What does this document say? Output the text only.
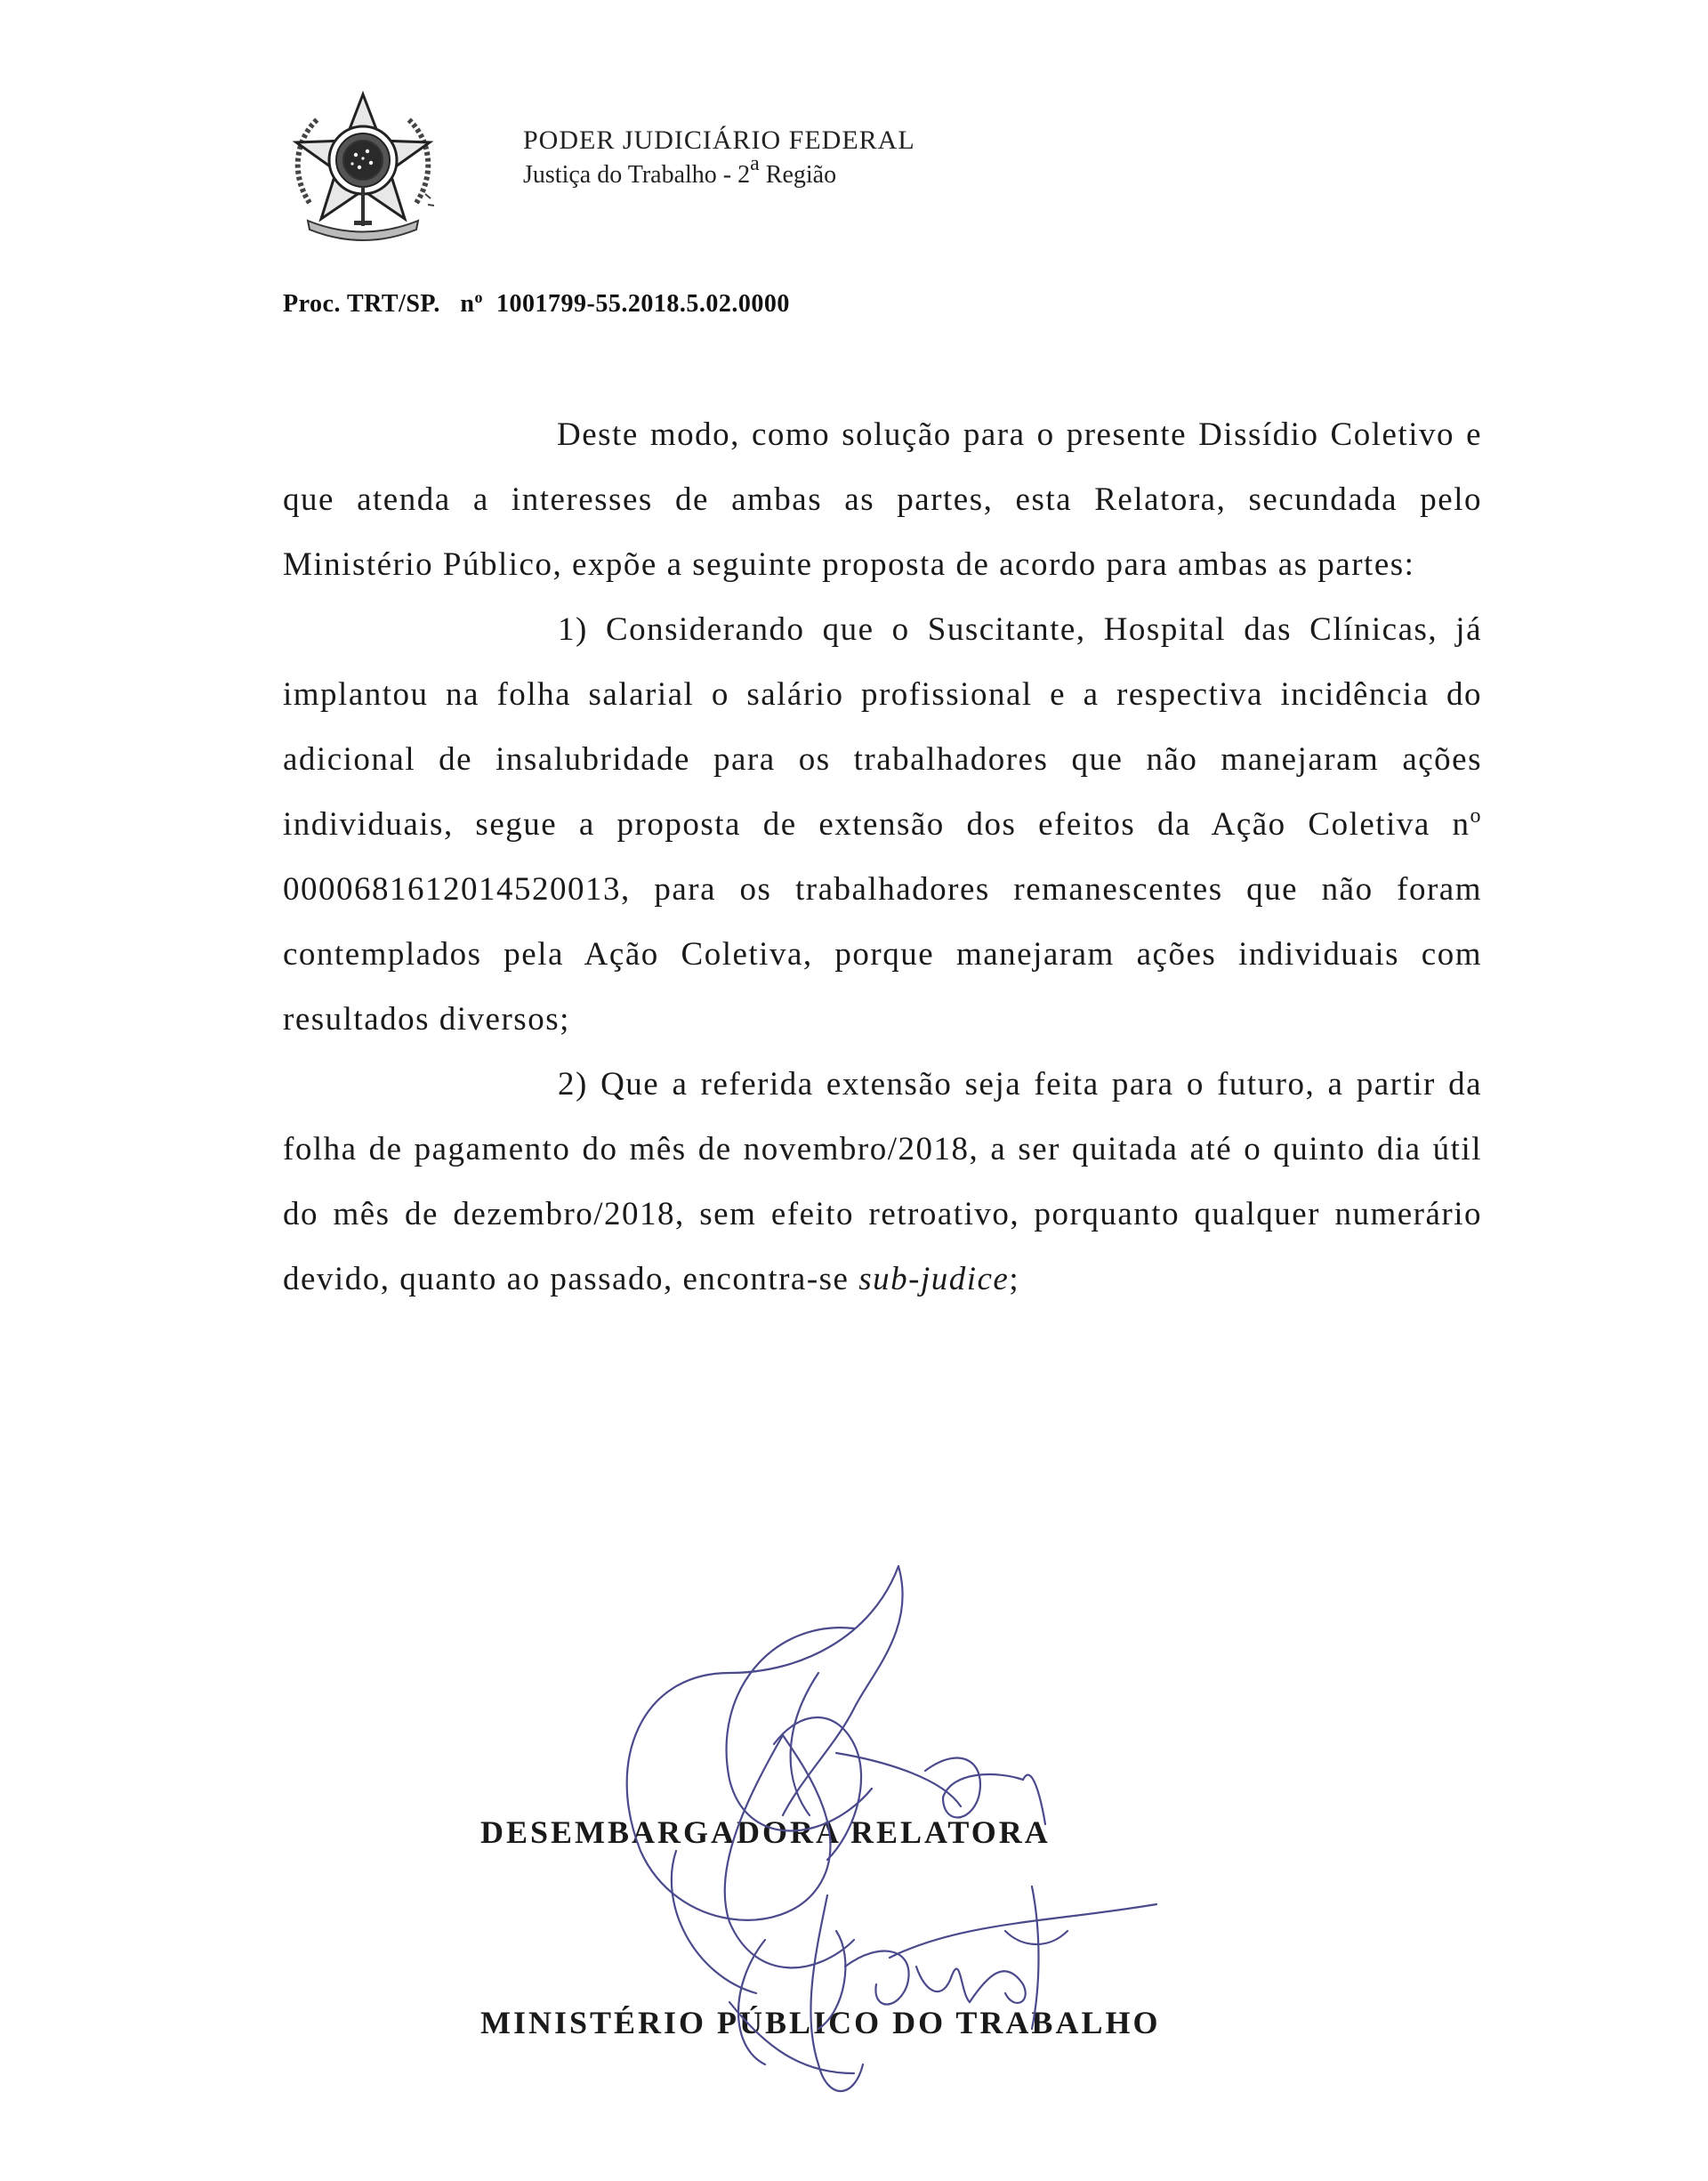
PODER JUDICIÁRIO FEDERAL
Justiça do Trabalho - 2a Região
Proc. TRT/SP.   $n^o$  1001799-55.2018.5.02.0000

Deste modo, como solução para o presente Dissídio Coletivo e que atenda a interesses de ambas as partes, esta Relatora, secundada pelo Ministério Público, expõe a seguinte proposta de acordo para ambas as partes:

1) Considerando que o Suscitante, Hospital das Clínicas, já implantou na folha salarial o salário profissional e a respectiva incidência do adicional de insalubridade para os trabalhadores que não manejaram ações individuais, segue a proposta de extensão dos efeitos da Ação Coletiva $n^o$ 0000681612014520013, para os trabalhadores remanescentes que não foram contemplados pela Ação Coletiva, porque manejaram ações individuais com resultados diversos;

2) Que a referida extensão seja feita para o futuro, a partir da folha de pagamento do mês de novembro/2018, a ser quitada até o quinto dia útil do mês de dezembro/2018, sem efeito retroativo, porquanto qualquer numerário devido, quanto ao passado, encontra-se sub-judice;

DESEMBARGADORA RELATORA
MINISTÉRIO PÚBLICO DO TRABALHO
